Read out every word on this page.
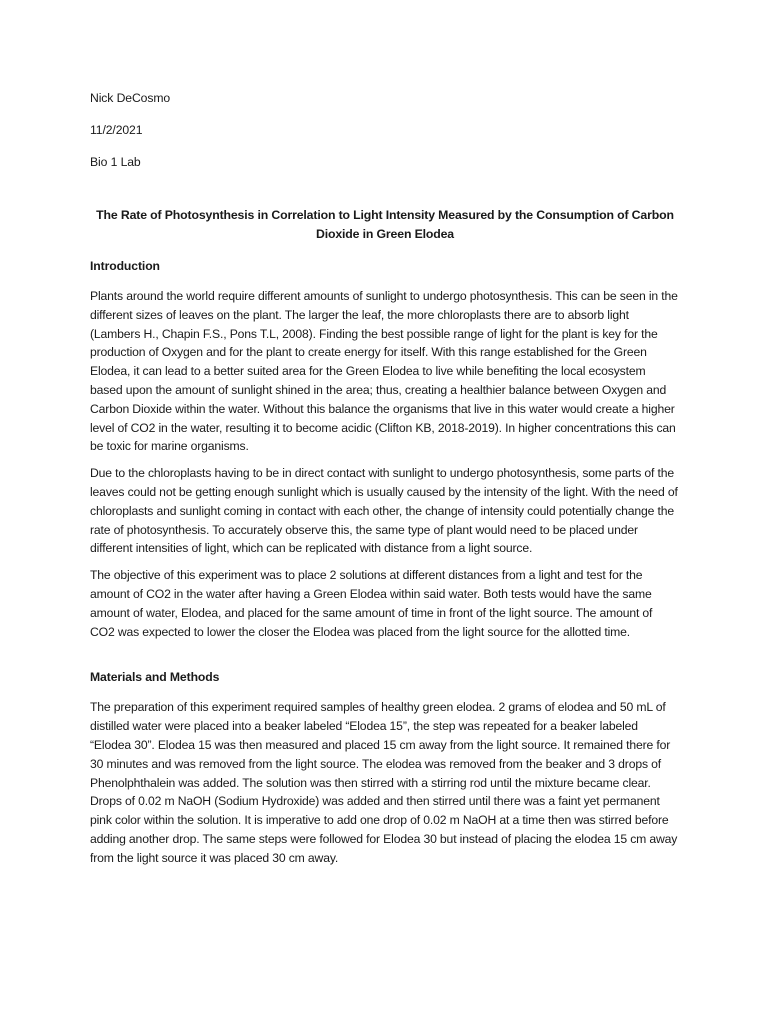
Nick DeCosmo
11/2/2021
Bio 1 Lab
The Rate of Photosynthesis in Correlation to Light Intensity Measured by the Consumption of Carbon Dioxide in Green Elodea
Introduction

Plants around the world require different amounts of sunlight to undergo photosynthesis. This can be seen in the different sizes of leaves on the plant. The larger the leaf, the more chloroplasts there are to absorb light (Lambers H., Chapin F.S., Pons T.L, 2008). Finding the best possible range of light for the plant is key for the production of Oxygen and for the plant to create energy for itself. With this range established for the Green Elodea, it can lead to a better suited area for the Green Elodea to live while benefiting the local ecosystem based upon the amount of sunlight shined in the area; thus, creating a healthier balance between Oxygen and Carbon Dioxide within the water. Without this balance the organisms that live in this water would create a higher level of CO2 in the water, resulting it to become acidic (Clifton KB, 2018-2019). In higher concentrations this can be toxic for marine organisms.

Due to the chloroplasts having to be in direct contact with sunlight to undergo photosynthesis, some parts of the leaves could not be getting enough sunlight which is usually caused by the intensity of the light. With the need of chloroplasts and sunlight coming in contact with each other, the change of intensity could potentially change the rate of photosynthesis. To accurately observe this, the same type of plant would need to be placed under different intensities of light, which can be replicated with distance from a light source.

The objective of this experiment was to place 2 solutions at different distances from a light and test for the amount of CO2 in the water after having a Green Elodea within said water. Both tests would have the same amount of water, Elodea, and placed for the same amount of time in front of the light source. The amount of CO2 was expected to lower the closer the Elodea was placed from the light source for the allotted time.

Materials and Methods

The preparation of this experiment required samples of healthy green elodea. 2 grams of elodea and 50 mL of distilled water were placed into a beaker labeled “Elodea 15”, the step was repeated for a beaker labeled “Elodea 30”. Elodea 15 was then measured and placed 15 cm away from the light source. It remained there for 30 minutes and was removed from the light source. The elodea was removed from the beaker and 3 drops of Phenolphthalein was added. The solution was then stirred with a stirring rod until the mixture became clear. Drops of 0.02 m NaOH (Sodium Hydroxide) was added and then stirred until there was a faint yet permanent pink color within the solution. It is imperative to add one drop of 0.02 m NaOH at a time then was stirred before adding another drop. The same steps were followed for Elodea 30 but instead of placing the elodea 15 cm away from the light source it was placed 30 cm away.
